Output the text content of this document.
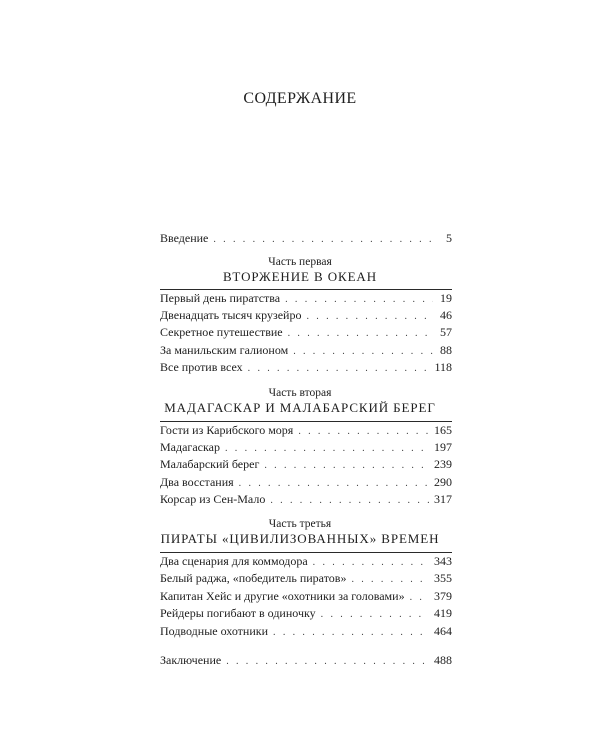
СОДЕРЖАНИЕ
Введение . . .	5
Часть первая
ВТОРЖЕНИЕ В ОКЕАН
Первый день пиратства . . .	19
Двенадцать тысяч крузейро . . .	46
Секретное путешествие . . .	57
За манильским галионом . . .	88
Все против всех . . .	118
Часть вторая
МАДАГАСКАР И МАЛАБАРСКИЙ БЕРЕГ
Гости из Карибского моря . . .	165
Мадагаскар . . .	197
Малабарский берег . . .	239
Два восстания . . .	290
Корсар из Сен-Мало . . .	317
Часть третья
ПИРАТЫ «ЦИВИЛИЗОВАННЫХ» ВРЕМЕН
Два сценария для коммодора . . .	343
Белый раджа, «победитель пиратов» . . .	355
Капитан Хейс и другие «охотники за головами» . . . 379
Рейдеры погибают в одиночку . . .	419
Подводные охотники . . .	464
Заключение . . .	488
